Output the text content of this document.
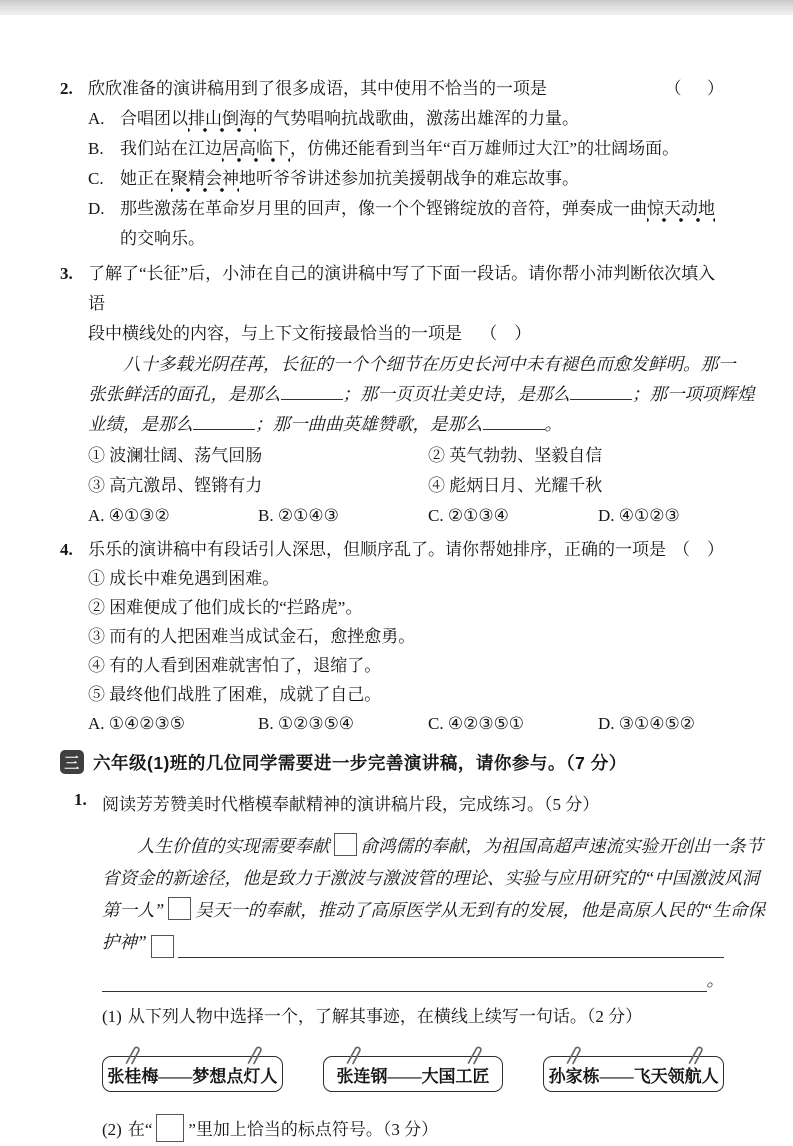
2. 欣欣准备的演讲稿用到了很多成语，其中使用不恰当的一项是	（      ）
A. 合唱团以排山倒海的气势唱响抗战歌曲，激荡出雄浑的力量。
B. 我们站在江边居高临下，仿佛还能看到当年“百万雄师过大江”的壮阔场面。
C. 她正在聚精会神地听爷爷讲述参加抗美援朝战争的难忘故事。
D. 那些激荡在革命岁月里的回声，像一个个铿锵绽放的音符，弹奏成一曲惊天动地的交响乐。
3. 了解了“长征”后，小沛在自己的演讲稿中写了下面一段话。请你帮小沛判断依次填入语
段中横线处的内容，与上下文衔接最恰当的一项是 （    ）
八十多载光阴荏苒，长征的一个个细节在历史长河中未有褪色而愈发鲜明。那一
张张鲜活的面孔，是那么	；那一页页壮美史诗，是那么	；那一项项辉煌
业绩，是那么	；那一曲曲英雄赞歌，是那么	。
① 波澜壮阔、荡气回肠	② 英气勃勃、坚毅自信
③ 高亢激昂、铿锵有力	④ 彪炳日月、光耀千秋
A. ④①③②	B. ②①④③	C. ②①③④	D. ④①②③
4. 乐乐的演讲稿中有段话引人深思，但顺序乱了。请你帮她排序，正确的一项是 （    ）
① 成长中难免遇到困难。
② 困难便成了他们成长的“拦路虎”。
③ 而有的人把困难当成试金石，愈挫愈勇。
④ 有的人看到困难就害怕了，退缩了。
⑤ 最终他们战胜了困难，成就了自己。
A. ①④②③⑤	B. ①②③⑤④	C. ④②③⑤①	D. ③①④⑤②
三 六年级(1)班的几位同学需要进一步完善演讲稿，请你参与。（7 分）
1. 阅读芳芳赞美时代楷模奉献精神的演讲稿片段，完成练习。（5 分）
人生价值的实现需要奉献 俞鸿儒的奉献，为祖国高超声速流实验开创出一条节
省资金的新途径，他是致力于激波与激波管的理论、实验与应用研究的“中国激波风洞
第一人” 吴天一的奉献，推动了高原医学从无到有的发展，他是高原人民的“生命保
护神”
。
(1) 从下列人物中选择一个，了解其事迹，在横线上续写一句话。（2 分）
张桂梅——梦想点灯人	张连钢——大国工匠	孙家栋——飞天领航人
(2) 在“ ”里加上恰当的标点符号。（3 分）
